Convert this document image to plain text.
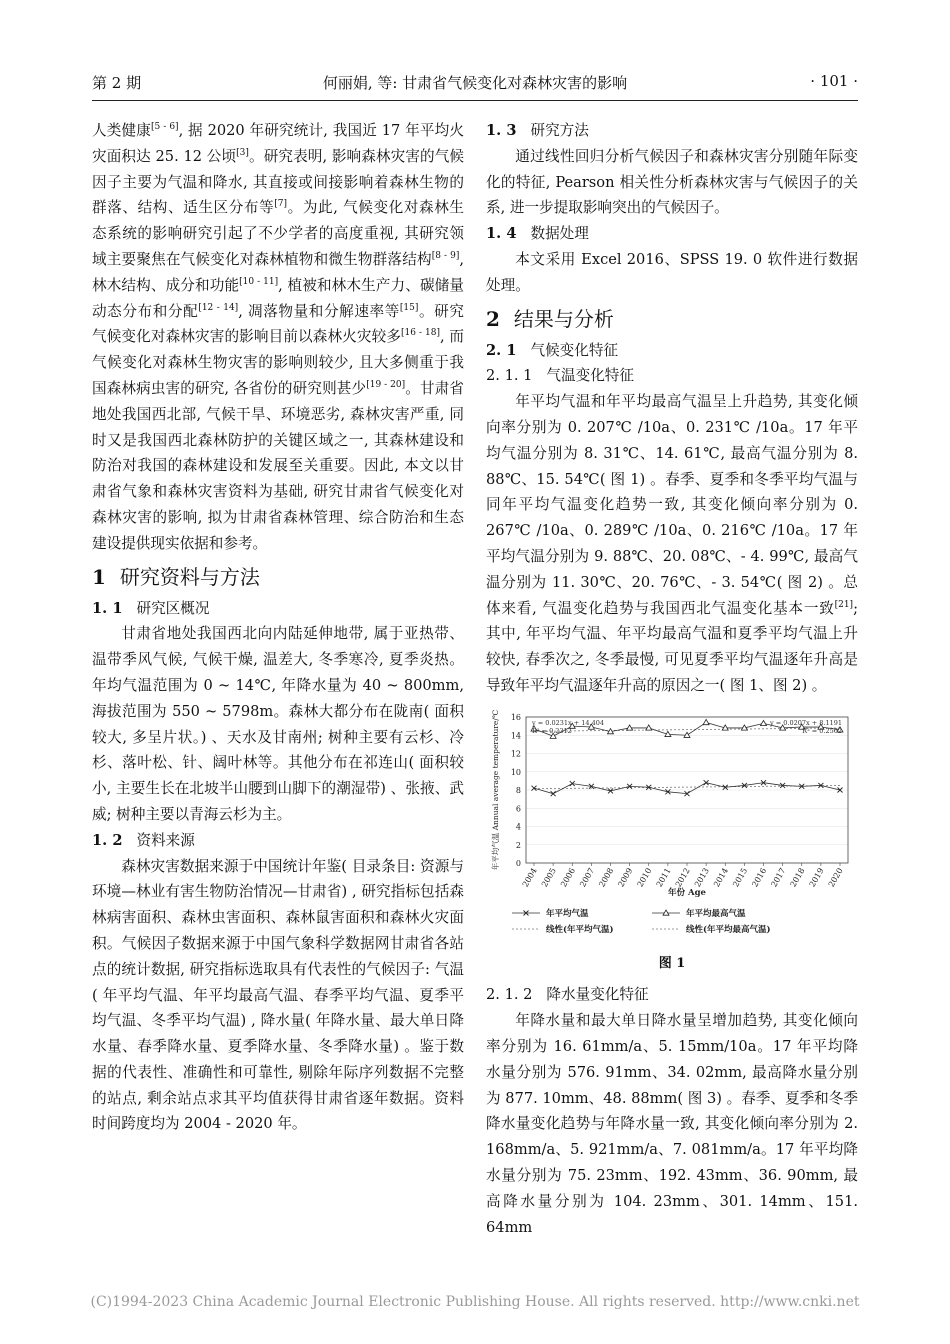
第 2 期	何丽娟, 等: 甘肃省气候变化对森林灾害的影响	· 101 ·

人类健康[5 - 6], 据 2020 年研究统计, 我国近 17 年平均火灾面积达 25. 12 公顷[3]。研究表明, 影响森林灾害的气候因子主要为气温和降水, 其直接或间接影响着森林生物的群落、结构、适生区分布等[7]。为此, 气候变化对森林生态系统的影响研究引起了不少学者的高度重视, 其研究领域主要聚焦在气候变化对森林植物和微生物群落结构[8 - 9], 林木结构、成分和功能[10 - 11], 植被和林木生产力、碳储量动态分布和分配[12 - 14], 凋落物量和分解速率等[15]。研究气候变化对森林灾害的影响目前以森林火灾较多[16 - 18], 而气候变化对森林生物灾害的影响则较少, 且大多侧重于我国森林病虫害的研究, 各省份的研究则甚少[19 - 20]。甘肃省地处我国西北部, 气候干旱、环境恶劣, 森林灾害严重, 同时又是我国西北森林防护的关键区域之一, 其森林建设和防治对我国的森林建设和发展至关重要。因此, 本文以甘肃省气象和森林灾害资料为基础, 研究甘肃省气候变化对森林灾害的影响, 拟为甘肃省森林管理、综合防治和生态建设提供现实依据和参考。

1 研究资料与方法
1. 1 研究区概况

甘肃省地处我国西北向内陆延伸地带, 属于亚热带、温带季风气候, 气候干燥, 温差大, 冬季寒冷, 夏季炎热。年均气温范围为 0 ~ 14℃, 年降水量为 40 ~ 800mm, 海拔范围为 550 ~ 5798m。森林大都分布在陇南( 面积较大, 多呈片状。) 、天水及甘南州; 树种主要有云杉、冷杉、落叶松、针、阔叶林等。其他分布在祁连山( 面积较小, 主要生长在北坡半山腰到山脚下的潮湿带) 、张掖、武威; 树种主要以青海云杉为主。

1. 2 资料来源

森林灾害数据来源于中国统计年鉴( 目录条目: 资源与环境—林业有害生物防治情况—甘肃省) , 研究指标包括森林病害面积、森林虫害面积、森林鼠害面积和森林火灾面积。气候因子数据来源于中国气象科学数据网甘肃省各站点的统计数据, 研究指标选取具有代表性的气候因子: 气温( 年平均气温、年平均最高气温、春季平均气温、夏季平均气温、冬季平均气温) , 降水量( 年降水量、最大单日降水量、春季降水量、夏季降水量、冬季降水量) 。鉴于数据的代表性、准确性和可靠性, 剔除年际序列数据不完整的站点, 剩余站点求其平均值获得甘肃省逐年数据。资料时间跨度均为 2004 - 2020 年。

1. 3 研究方法

通过线性回归分析气候因子和森林灾害分别随年际变化的特征, Pearson 相关性分析森林灾害与气候因子的关系, 进一步提取影响突出的气候因子。

1. 4 数据处理

本文采用 Excel 2016、SPSS 19. 0 软件进行数据处理。

2 结果与分析
2. 1 气候变化特征
2. 1. 1 气温变化特征

年平均气温和年平均最高气温呈上升趋势, 其变化倾向率分别为 0. 207℃ /10a、0. 231℃ /10a。17 年平均气温分别为 8. 31℃、14. 61℃, 最高气温分别为 8. 88℃、15. 54℃( 图 1) 。春季、夏季和冬季平均气温与同年平均气温变化趋势一致, 其变化倾向率分别为 0. 267℃ /10a、0. 289℃ /10a、0. 216℃ /10a。17 年平均气温分别为 9. 88℃、20. 08℃、- 4. 99℃, 最高气温分别为 11. 30℃、20. 76℃、- 3. 54℃( 图 2) 。总体来看, 气温变化趋势与我国西北气温变化基本一致[21]; 其中, 年平均气温、年平均最高气温和夏季平均气温上升较快, 春季次之, 冬季最慢, 可见夏季平均气温逐年升高是导致年平均气温逐年升高的原因之一( 图 1、图 2) 。

0
2
4
6
8
10
12
14
16
2004 2005 2006 2007 2008 2009 2010 2011 2012 2013 2014 2015 2016 2017 2018 2019 2020
年份 Age
年平均气温 Annual average temperature/℃	y = 0.0231x + 14.404
R² = 0.2312
y = 0.0207x + 8.1191
R² = 0.2562

年平均气温	年平均最高气温
线性(年平均气温)	线性(年平均最高气温)
图 1
2. 1. 2 降水量变化特征

年降水量和最大单日降水量呈增加趋势, 其变化倾向率分别为 16. 61mm/a、5. 15mm/10a。17 年平均降水量分别为 576. 91mm、34. 02mm, 最高降水量分别为 877. 10mm、48. 88mm( 图 3) 。春季、夏季和冬季降水量变化趋势与年降水量一致, 其变化倾向率分别为 2. 168mm/a、5. 921mm/a、7. 081mm/a。17 年平均降水量分别为 75. 23mm、192. 43mm、36. 90mm, 最高降水量分别为 104. 23mm、301. 14mm、151. 64mm

(C)1994-2023 China Academic Journal Electronic Publishing House. All rights reserved. http://www.cnki.net
